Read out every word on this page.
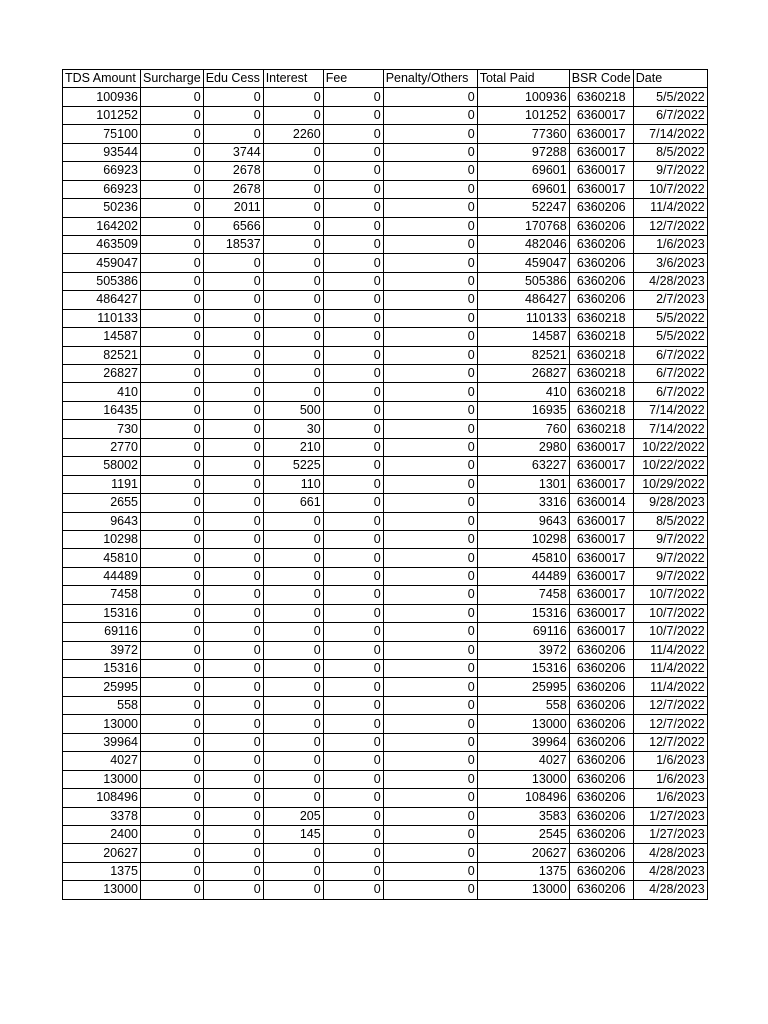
TDS Amount	Surcharge	Edu Cess	Interest	Fee	Penalty/Others	Total Paid	BSR Code	Date
100936	0	0	0	0	0	100936	6360218	5/5/2022
101252	0	0	0	0	0	101252	6360017	6/7/2022
75100	0	0	2260	0	0	77360	6360017	7/14/2022
93544	0	3744	0	0	0	97288	6360017	8/5/2022
66923	0	2678	0	0	0	69601	6360017	9/7/2022
66923	0	2678	0	0	0	69601	6360017	10/7/2022
50236	0	2011	0	0	0	52247	6360206	11/4/2022
164202	0	6566	0	0	0	170768	6360206	12/7/2022
463509	0	18537	0	0	0	482046	6360206	1/6/2023
459047	0	0	0	0	0	459047	6360206	3/6/2023
505386	0	0	0	0	0	505386	6360206	4/28/2023
486427	0	0	0	0	0	486427	6360206	2/7/2023
110133	0	0	0	0	0	110133	6360218	5/5/2022
14587	0	0	0	0	0	14587	6360218	5/5/2022
82521	0	0	0	0	0	82521	6360218	6/7/2022
26827	0	0	0	0	0	26827	6360218	6/7/2022
410	0	0	0	0	0	410	6360218	6/7/2022
16435	0	0	500	0	0	16935	6360218	7/14/2022
730	0	0	30	0	0	760	6360218	7/14/2022
2770	0	0	210	0	0	2980	6360017	10/22/2022
58002	0	0	5225	0	0	63227	6360017	10/22/2022
1191	0	0	110	0	0	1301	6360017	10/29/2022
2655	0	0	661	0	0	3316	6360014	9/28/2023
9643	0	0	0	0	0	9643	6360017	8/5/2022
10298	0	0	0	0	0	10298	6360017	9/7/2022
45810	0	0	0	0	0	45810	6360017	9/7/2022
44489	0	0	0	0	0	44489	6360017	9/7/2022
7458	0	0	0	0	0	7458	6360017	10/7/2022
15316	0	0	0	0	0	15316	6360017	10/7/2022
69116	0	0	0	0	0	69116	6360017	10/7/2022
3972	0	0	0	0	0	3972	6360206	11/4/2022
15316	0	0	0	0	0	15316	6360206	11/4/2022
25995	0	0	0	0	0	25995	6360206	11/4/2022
558	0	0	0	0	0	558	6360206	12/7/2022
13000	0	0	0	0	0	13000	6360206	12/7/2022
39964	0	0	0	0	0	39964	6360206	12/7/2022
4027	0	0	0	0	0	4027	6360206	1/6/2023
13000	0	0	0	0	0	13000	6360206	1/6/2023
108496	0	0	0	0	0	108496	6360206	1/6/2023
3378	0	0	205	0	0	3583	6360206	1/27/2023
2400	0	0	145	0	0	2545	6360206	1/27/2023
20627	0	0	0	0	0	20627	6360206	4/28/2023
1375	0	0	0	0	0	1375	6360206	4/28/2023
13000	0	0	0	0	0	13000	6360206	4/28/2023
